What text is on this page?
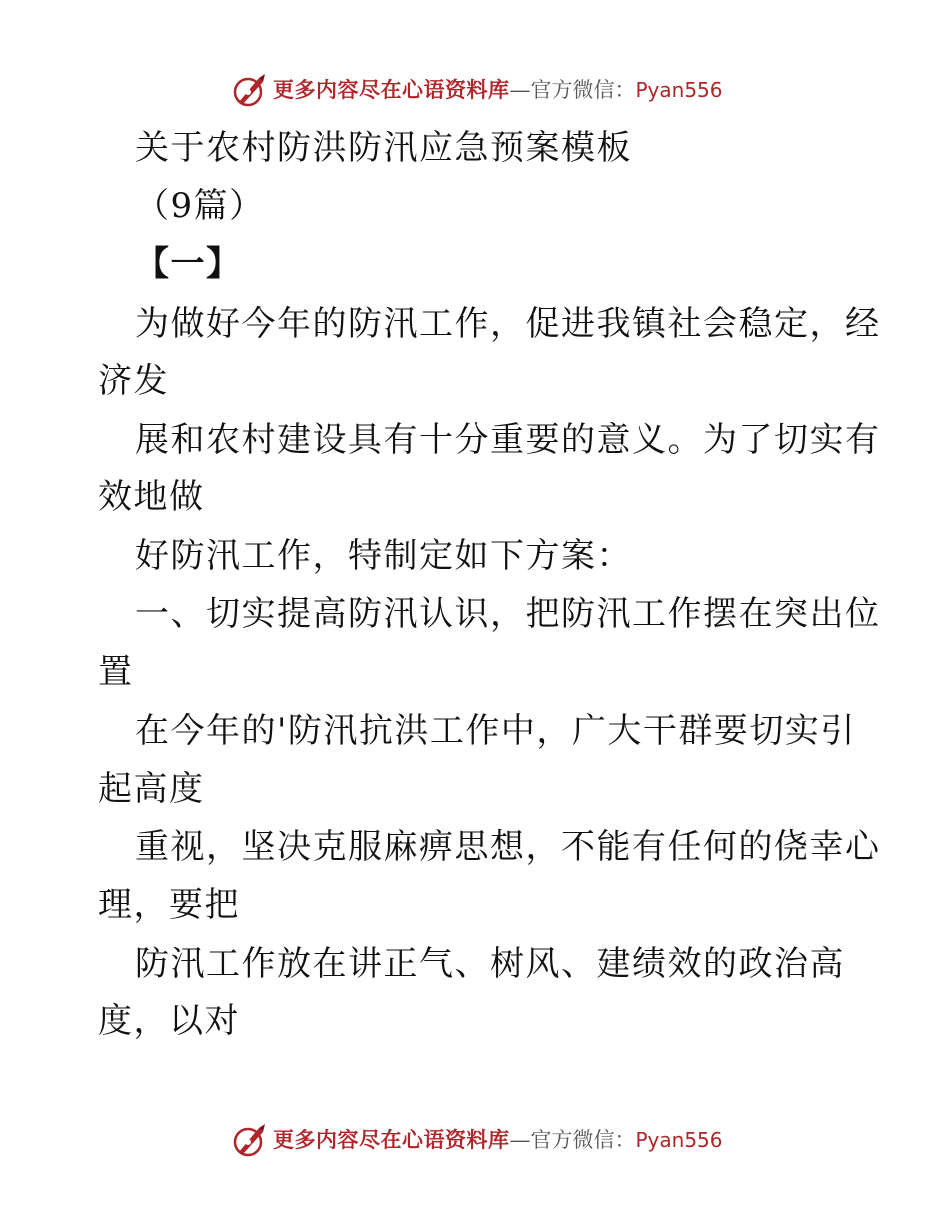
更多内容尽在心语资料库—官方微信：Pyan556
关于农村防洪防汛应急预案模板
（9篇）
【一】
为做好今年的防汛工作，促进我镇社会稳定，经
济发
展和农村建设具有十分重要的意义。为了切实有
效地做
好防汛工作，特制定如下方案：
一、切实提高防汛认识，把防汛工作摆在突出位
置
在今年的'防汛抗洪工作中，广大干群要切实引
起高度
重视，坚决克服麻痹思想，不能有任何的侥幸心
理，要把
防汛工作放在讲正气、树风、建绩效的政治高
度，以对
更多内容尽在心语资料库—官方微信：Pyan556
